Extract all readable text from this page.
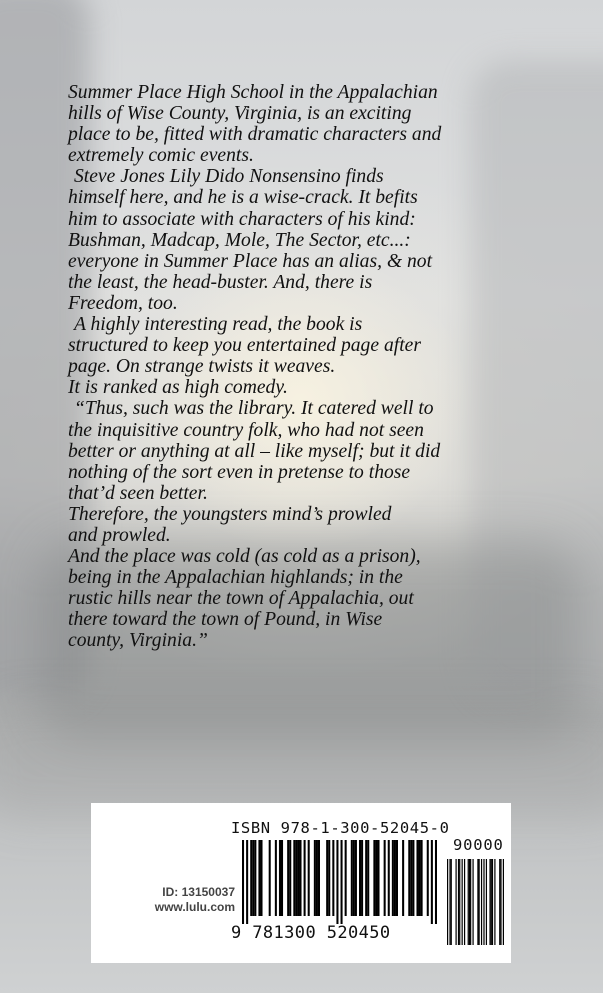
Summer Place High School in the Appalachian

hills of Wise County, Virginia, is an exciting

place to be, fitted with dramatic characters and

extremely comic events.

Steve Jones Lily Dido Nonsensino finds

himself here, and he is a wise-crack. It befits

him to associate with characters of his kind:

Bushman, Madcap, Mole, The Sector, etc...:

everyone in Summer Place has an alias, & not

the least, the head-buster. And, there is

Freedom, too.

A highly interesting read, the book is

structured to keep you entertained page after

page. On strange twists it weaves.

It is ranked as high comedy.

“Thus, such was the library. It catered well to

the inquisitive country folk, who had not seen

better or anything at all – like myself; but it did

nothing of the sort even in pretense to those

that’d seen better.

Therefore, the youngsters mind’s prowled

and prowled.

And the place was cold (as cold as a prison),

being in the Appalachian highlands; in the

rustic hills near the town of Appalachia, out

there toward the town of Pound, in Wise

county, Virginia.”

ID: 13150037
www.lulu.com
ISBN 978-1-300-52045-0
90000
9 781300 520450
